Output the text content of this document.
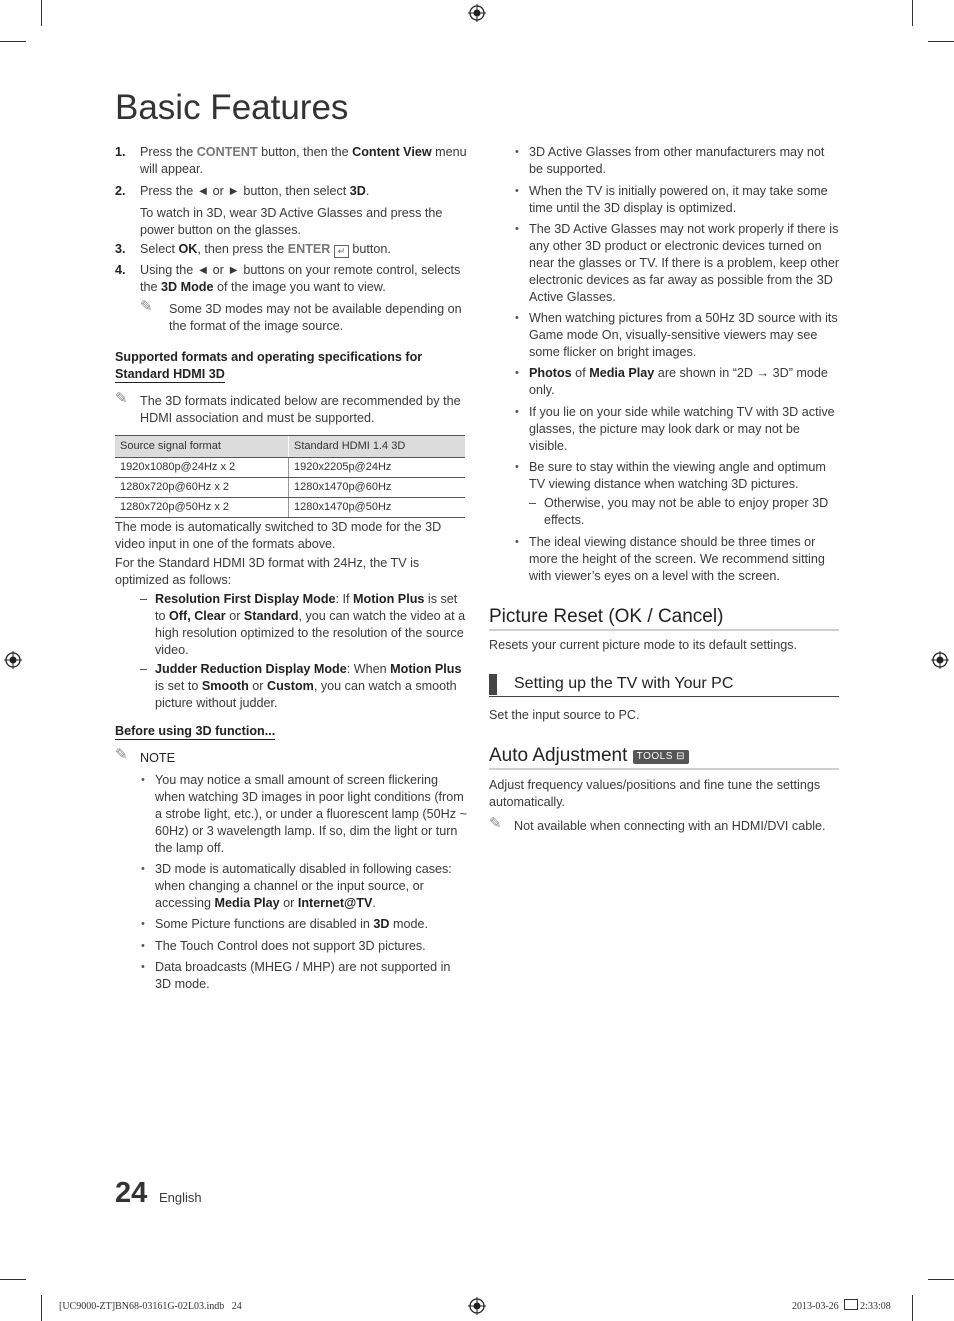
Basic Features
1. Press the CONTENT button, then the Content View menu will appear.
2. Press the ◄ or ► button, then select 3D.
To watch in 3D, wear 3D Active Glasses and press the power button on the glasses.
3. Select OK, then press the ENTER ↵ button.
4. Using the ◄ or ► buttons on your remote control, selects the 3D Mode of the image you want to view.
✎ Some 3D modes may not be available depending on the format of the image source.
Supported formats and operating specifications for
Standard HDMI 3D
✎ The 3D formats indicated below are recommended by the HDMI association and must be supported.
Source signal format	Standard HDMI 1.4 3D
1920x1080p@24Hz x 2	1920x2205p@24Hz
1280x720p@60Hz x 2	1280x1470p@60Hz
1280x720p@50Hz x 2	1280x1470p@50Hz
The mode is automatically switched to 3D mode for the 3D video input in one of the formats above.
For the Standard HDMI 3D format with 24Hz, the TV is optimized as follows:
– Resolution First Display Mode: If Motion Plus is set to Off, Clear or Standard, you can watch the video at a high resolution optimized to the resolution of the source video.
– Judder Reduction Display Mode: When Motion Plus is set to Smooth or Custom, you can watch a smooth picture without judder.
Before using 3D function...
✎ NOTE
• You may notice a small amount of screen flickering when watching 3D images in poor light conditions (from a strobe light, etc.), or under a fluorescent lamp (50Hz ~ 60Hz) or 3 wavelength lamp. If so, dim the light or turn the lamp off.
• 3D mode is automatically disabled in following cases: when changing a channel or the input source, or accessing Media Play or Internet@TV.
• Some Picture functions are disabled in 3D mode.
• The Touch Control does not support 3D pictures.
• Data broadcasts (MHEG / MHP) are not supported in 3D mode.
• 3D Active Glasses from other manufacturers may not be supported.
• When the TV is initially powered on, it may take some time until the 3D display is optimized.
• The 3D Active Glasses may not work properly if there is any other 3D product or electronic devices turned on near the glasses or TV. If there is a problem, keep other electronic devices as far away as possible from the 3D Active Glasses.
• When watching pictures from a 50Hz 3D source with its Game mode On, visually-sensitive viewers may see some flicker on bright images.
• Photos of Media Play are shown in “2D → 3D” mode only.
• If you lie on your side while watching TV with 3D active glasses, the picture may look dark or may not be visible.
• Be sure to stay within the viewing angle and optimum TV viewing distance when watching 3D pictures.
– Otherwise, you may not be able to enjoy proper 3D effects.
• The ideal viewing distance should be three times or more the height of the screen. We recommend sitting with viewer’s eyes on a level with the screen.
Picture Reset (OK / Cancel)
Resets your current picture mode to its default settings.
Setting up the TV with Your PC
Set the input source to PC.
Auto Adjustment TOOLS ⊟
Adjust frequency values/positions and fine tune the settings automatically.
✎ Not available when connecting with an HDMI/DVI cable.
24 English
[UC9000-ZT]BN68-03161G-02L03.indb   24	2013-03-26 2:33:08
